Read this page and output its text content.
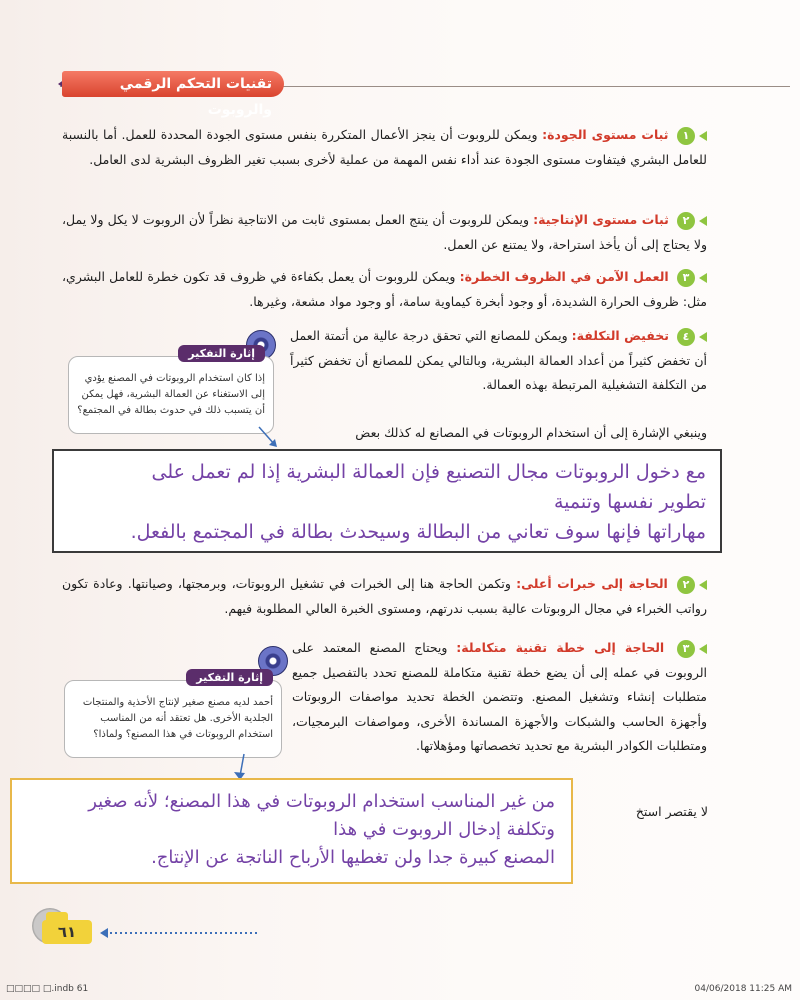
تقنيات التحكم الرقمي والروبوت
١ ثبات مستوى الجودة: ويمكن للروبوت أن ينجز الأعمال المتكررة بنفس مستوى الجودة المحددة للعمل. أما بالنسبة للعامل البشري فيتفاوت مستوى الجودة عند أداء نفس المهمة من عملية لأخرى بسبب تغير الظروف البشرية لدى العامل.
٢ ثبات مستوى الإنتاجية: ويمكن للروبوت أن ينتج العمل بمستوى ثابت من الانتاجية نظراً لأن الروبوت لا يكل ولا يمل، ولا يحتاج إلى أن يأخذ استراحة، ولا يمتنع عن العمل.
٣ العمل الآمن في الظروف الخطرة: ويمكن للروبوت أن يعمل بكفاءة في ظروف قد تكون خطرة للعامل البشري، مثل: ظروف الحرارة الشديدة، أو وجود أبخرة كيماوية سامة، أو وجود مواد مشعة، وغيرها.
٤ تخفيض التكلفة: ويمكن للمصانع التي تحقق درجة عالية من أتمتة العمل أن تخفض كثيراً من أعداد العمالة البشرية، وبالتالي يمكن للمصانع أن تخفض كثيراً من التكلفة التشغيلية المرتبطة بهذه العمالة.
وينبغي الإشارة إلى أن استخدام الروبوتات في المصانع له كذلك بعض
إثارة التفكير
إذا كان استخدام الروبوتات في المصنع يؤدي
إلى الاستغناء عن العمالة البشرية، فهل يمكن
أن يتسبب ذلك في حدوث بطالة في المجتمع؟
مع دخول الروبوتات مجال التصنيع فإن العمالة البشرية إذا لم تعمل على
تطوير نفسها وتنمية
مهاراتها فإنها سوف تعاني من البطالة وسيحدث بطالة في المجتمع بالفعل.
٢ الحاجة إلى خبرات أعلى: وتكمن الحاجة هنا إلى الخبرات في تشغيل الروبوتات، وبرمجتها، وصيانتها. وعادة تكون رواتب الخبراء في مجال الروبوتات عالية بسبب ندرتهم، ومستوى الخبرة العالي المطلوبة فيهم.
٣ الحاجة إلى خطة تقنية متكاملة: ويحتاج المصنع المعتمد على الروبوت في عمله إلى أن يضع خطة تقنية متكاملة للمصنع تحدد بالتفصيل جميع متطلبات إنشاء وتشغيل المصنع. وتتضمن الخطة تحديد مواصفات الروبوتات وأجهزة الحاسب والشبكات والأجهزة المساندة الأخرى، ومواصفات البرمجيات، ومتطلبات الكوادر البشرية مع تحديد تخصصاتها ومؤهلاتها.
لا يقتصر استخ
إثارة التفكير
أحمد لديه مصنع صغير لإنتاج الأحذية والمنتجات
الجلدية الأخرى. هل تعتقد أنه من المناسب
استخدام الروبوتات في هذا المصنع؟ ولماذا؟
من غير المناسب استخدام الروبوتات في هذا المصنع؛ لأنه صغير
وتكلفة إدخال الروبوت في هذا
المصنع كبيرة جدا ولن تغطيها الأرباح الناتجة عن الإنتاج.
٦١
□□□□ □.indb 61	04/06/2018 11:25 AM
